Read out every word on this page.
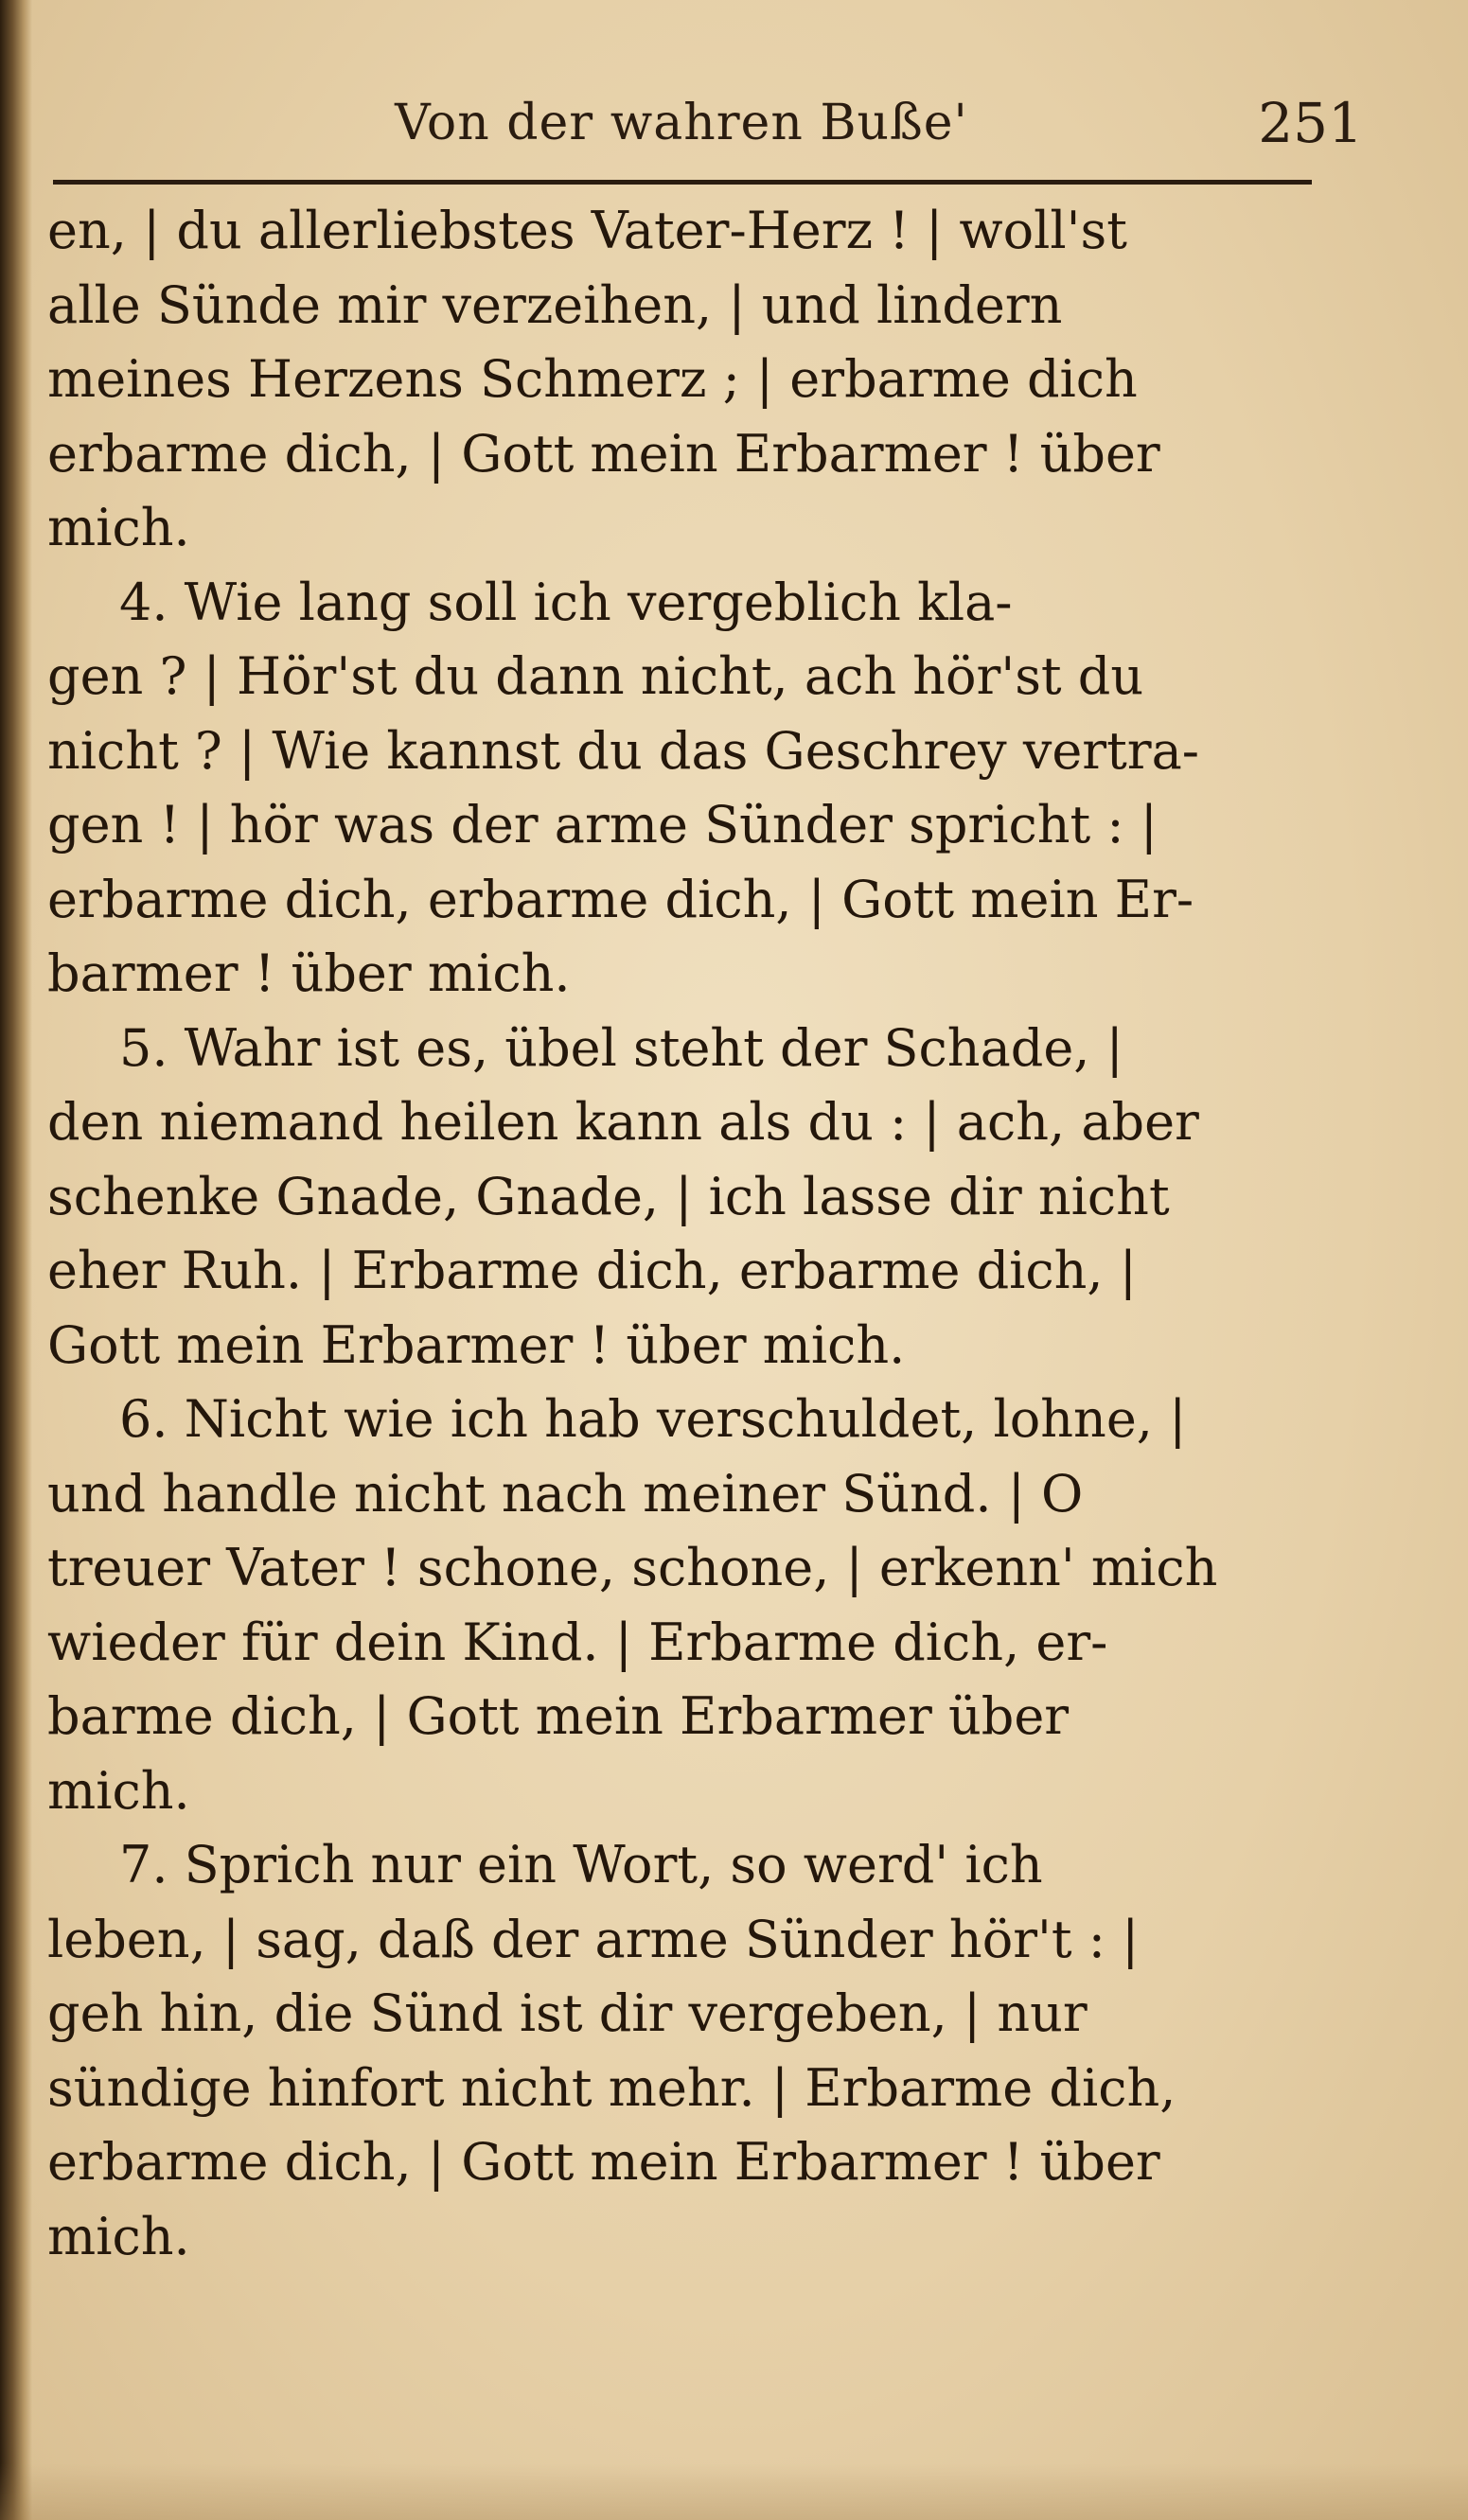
Von der wahren Buße'	251
en, | du allerliebstes Vater-Herz ! | woll'st
alle Sünde mir verzeihen, | und lindern
meines Herzens Schmerz ; | erbarme dich
erbarme dich, | Gott mein Erbarmer ! über
mich.
4. Wie lang soll ich vergeblich kla-
gen ? | Hör'st du dann nicht, ach hör'st du
nicht ? | Wie kannst du das Geschrey vertra-
gen ! | hör was der arme Sünder spricht : |
erbarme dich, erbarme dich, | Gott mein Er-
barmer ! über mich.
5. Wahr ist es, übel steht der Schade, |
den niemand heilen kann als du : | ach, aber
schenke Gnade, Gnade, | ich lasse dir nicht
eher Ruh. | Erbarme dich, erbarme dich, |
Gott mein Erbarmer ! über mich.
6. Nicht wie ich hab verschuldet, lohne, |
und handle nicht nach meiner Sünd. | O
treuer Vater ! schone, schone, | erkenn' mich
wieder für dein Kind. | Erbarme dich, er-
barme dich, | Gott mein Erbarmer über
mich.
7. Sprich nur ein Wort, so werd' ich
leben, | sag, daß der arme Sünder hör't : |
geh hin, die Sünd ist dir vergeben, | nur
sündige hinfort nicht mehr. | Erbarme dich,
erbarme dich, | Gott mein Erbarmer ! über
mich.
